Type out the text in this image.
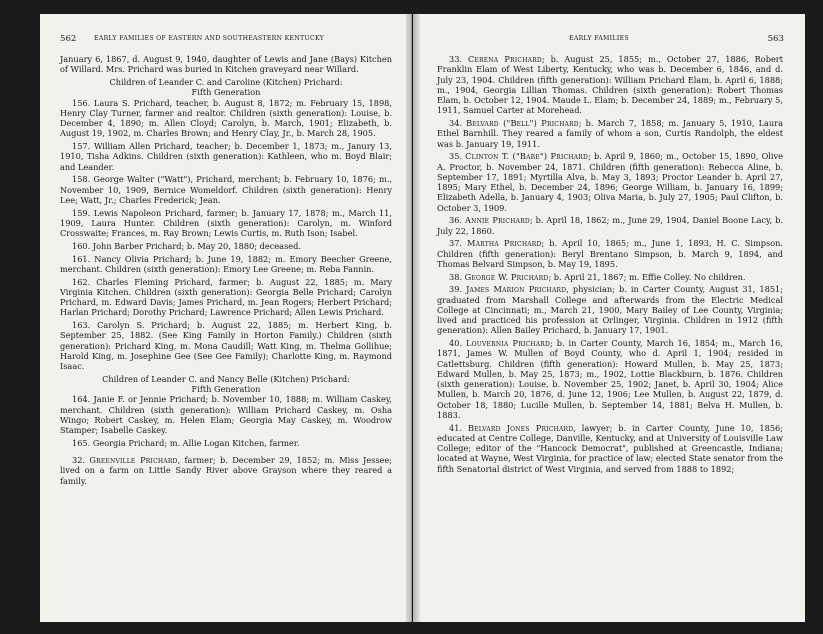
562	EARLY FAMILIES OF EASTERN AND SOUTHEASTERN KENTUCKY

January 6, 1867, d. August 9, 1940, daughter of Lewis and Jane (Bays) Kitchen of Willard. Mrs. Prichard was buried in Kitchen graveyard near Willard.

Children of Leander C. and Caroline (Kitchen) Prichard:

Fifth Generation

156. Laura S. Prichard, teacher, b. August 8, 1872; m. February 15, 1898, Henry Clay Turner, farmer and realtor. Children (sixth generation): Louise, b. December 4, 1890; m. Allen Cloyd; Carolyn, b. March, 1901; Elizabeth, b. August 19, 1902, m. Charles Brown; and Henry Clay, Jr., b. March 28, 1905.

157. William Allen Prichard, teacher; b. December 1, 1873; m., Janury 13, 1910, Tisha Adkins. Children (sixth generation): Kathleen, who m. Boyd Blair; and Leander.

158. George Walter ("Watt"), Prichard, merchant; b. February 10, 1876; m., November 10, 1909, Bernice Womeldorf. Children (sixth generation): Henry Lee; Watt, Jr.; Charles Frederick; Jean.

159. Lewis Napoleon Prichard, farmer; b. January 17, 1878; m., March 11, 1909, Laura Hunter. Children (sixth generation): Carolyn, m. Winford Crosswaite; Frances, m. Ray Brown; Lewis Curtis, m. Ruth Ison; Isabel.

160. John Barber Prichard; b. May 20, 1880; deceased.

161. Nancy Olivia Prichard; b. June 19, 1882; m. Emory Beecher Greene, merchant. Children (sixth generation): Emory Lee Greene; m. Reba Fannin.

162. Charles Fleming Prichard, farmer; b. August 22, 1885; m. Mary Virginia Kitchen. Children (sixth generation): Georgia Belle Prichard; Carolyn Prichard, m. Edward Davis; James Prichard, m. Jean Rogers; Herbert Prichard; Harlan Prichard; Dorothy Prichard; Lawrence Prichard; Allen Lewis Prichard.

163. Carolyn S. Prichard; b. August 22, 1885; m. Herbert King, b. September 25, 1882. (See King Family in Horton Family.) Children (sixth generation): Prichard King, m. Mona Caudill; Watt King, m. Thelma Gollihue; Harold King, m. Josephine Gee (See Gee Family); Charlotte King, m. Raymond Isaac.

Children of Leander C. and Nancy Belle (Kitchen) Prichard:

Fifth Generation

164. Janie F. or Jennie Prichard; b. November 10, 1888; m. William Caskey, merchant. Children (sixth generation): William Prichard Caskey, m. Osha Wingo; Robert Caskey, m. Helen Elam; Georgia May Caskey, m. Woodrow Stamper; Isabelle Caskey.

165. Georgia Prichard; m. Allie Logan Kitchen, farmer.

32. Greenville Prichard, farmer; b. December 29, 1852; m. Miss Jessee; lived on a farm on Little Sandy River above Grayson where they reared a family.

EARLY FAMILIES	563

33. Cerena Prichard; b. August 25, 1855; m., October 27, 1886, Robert Franklin Elam of West Liberty, Kentucky, who was b. December 6, 1846, and d. July 23, 1904. Children (fifth generation): William Prichard Elam, b. April 6, 1888; m., 1904, Georgia Lillian Thomas. Children (sixth generation): Robert Thomas Elam, b. October 12, 1904. Maude L. Elam; b. December 24, 1889; m., February 5, 1911, Samuel Carter at Morehead.

34. Belvard ("Bell") Prichard; b. March 7, 1858; m. January 5, 1910, Laura Ethel Barnhill. They reared a family of whom a son, Curtis Randolph, the eldest was b. January 19, 1911.

35. Clinton T. ("Babe") Prichard; b. April 9, 1860; m., October 15, 1890, Olive A. Proctor, b. November 24, 1871. Children (fifth generation): Rebecca Aline, b. September 17, 1891; Myrtilla Alva, b. May 3, 1893; Proctor Leander b. April 27, 1895; Mary Ethel, b. December 24, 1896; George William, b. January 16, 1899; Elizabeth Adella, b. January 4, 1903; Oliva Maria, b. July 27, 1905; Paul Clifton, b. October 3, 1909.

36. Annie Prichard; b. April 18, 1862; m., June 29, 1904, Daniel Boone Lacy, b. July 22, 1860.

37. Martha Prichard; b. April 10, 1865; m., June 1, 1893, H. C. Simpson. Children (fifth generation): Beryl Brentano Simpson, b. March 9, 1894, and Thomas Belvard Simpson, b. May 19, 1895.

38. George W. Prichard; b. April 21, 1867; m. Effie Colley. No children.

39. James Marion Prichard, physician; b. in Carter County, August 31, 1851; graduated from Marshall College and afterwards from the Electric Medical College at Cincinnati; m., March 21, 1900, Mary Bailey of Lee County, Virginia; lived and practiced his profession at Orlinger, Virginia. Children in 1912 (fifth generation): Allen Bailey Prichard, b. January 17, 1901.

40. Louvernia Prichard; b. in Carter County, March 16, 1854; m., March 16, 1871, James W. Mullen of Boyd County, who d. April 1, 1904; resided in Catlettsburg. Children (fifth generation): Howard Mullen, b. May 25, 1873; Edward Mullen, b. May 25, 1873; m., 1902, Lottie Blackburn, b. 1876. Children (sixth generation): Louise, b. November 25, 1902; Janet, b. April 30, 1904; Alice Mullen, b. March 20, 1876, d. June 12, 1906; Lee Mullen, b. August 22, 1879, d. October 18, 1880; Lucille Mullen, b. September 14, 1881; Belva H. Mullen, b. 1883.

41. Belvard Jones Prichard, lawyer; b. in Carter County, June 10, 1856; educated at Centre College, Danville, Kentucky, and at University of Louisville Law College; editor of the "Hancock Democrat", published at Greencastle, Indiana; located at Wayne, West Virginia, for practice of law; elected State senator from the fifth Senatorial district of West Virginia, and served from 1888 to 1892;
